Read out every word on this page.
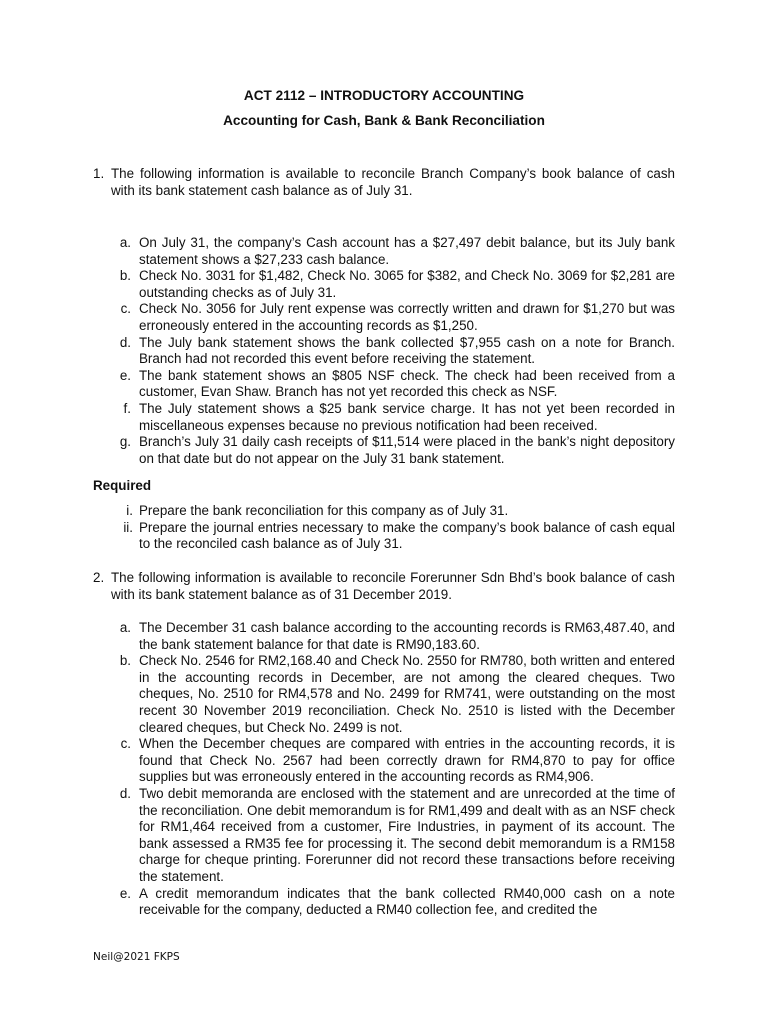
ACT 2112 – INTRODUCTORY ACCOUNTING
Accounting for Cash, Bank & Bank Reconciliation
1. The following information is available to reconcile Branch Company’s book balance of cash with its bank statement cash balance as of July 31.
a. On July 31, the company’s Cash account has a $27,497 debit balance, but its July bank statement shows a $27,233 cash balance.
b. Check No. 3031 for $1,482, Check No. 3065 for $382, and Check No. 3069 for $2,281 are outstanding checks as of July 31.
c. Check No. 3056 for July rent expense was correctly written and drawn for $1,270 but was erroneously entered in the accounting records as $1,250.
d. The July bank statement shows the bank collected $7,955 cash on a note for Branch. Branch had not recorded this event before receiving the statement.
e. The bank statement shows an $805 NSF check. The check had been received from a customer, Evan Shaw. Branch has not yet recorded this check as NSF.
f. The July statement shows a $25 bank service charge. It has not yet been recorded in miscellaneous expenses because no previous notification had been received.
g. Branch’s July 31 daily cash receipts of $11,514 were placed in the bank’s night depository on that date but do not appear on the July 31 bank statement.
Required
i. Prepare the bank reconciliation for this company as of July 31.
ii. Prepare the journal entries necessary to make the company’s book balance of cash equal to the reconciled cash balance as of July 31.
2. The following information is available to reconcile Forerunner Sdn Bhd’s book balance of cash with its bank statement balance as of 31 December 2019.
a. The December 31 cash balance according to the accounting records is RM63,487.40, and the bank statement balance for that date is RM90,183.60.
b. Check No. 2546 for RM2,168.40 and Check No. 2550 for RM780, both written and entered in the accounting records in December, are not among the cleared cheques. Two cheques, No. 2510 for RM4,578 and No. 2499 for RM741, were outstanding on the most recent 30 November 2019 reconciliation. Check No. 2510 is listed with the December cleared cheques, but Check No. 2499 is not.
c. When the December cheques are compared with entries in the accounting records, it is found that Check No. 2567 had been correctly drawn for RM4,870 to pay for office supplies but was erroneously entered in the accounting records as RM4,906.
d. Two debit memoranda are enclosed with the statement and are unrecorded at the time of the reconciliation. One debit memorandum is for RM1,499 and dealt with as an NSF check for RM1,464 received from a customer, Fire Industries, in payment of its account. The bank assessed a RM35 fee for processing it. The second debit memorandum is a RM158 charge for cheque printing. Forerunner did not record these transactions before receiving the statement.
e. A credit memorandum indicates that the bank collected RM40,000 cash on a note receivable for the company, deducted a RM40 collection fee, and credited the
Neil@2021 FKPS
